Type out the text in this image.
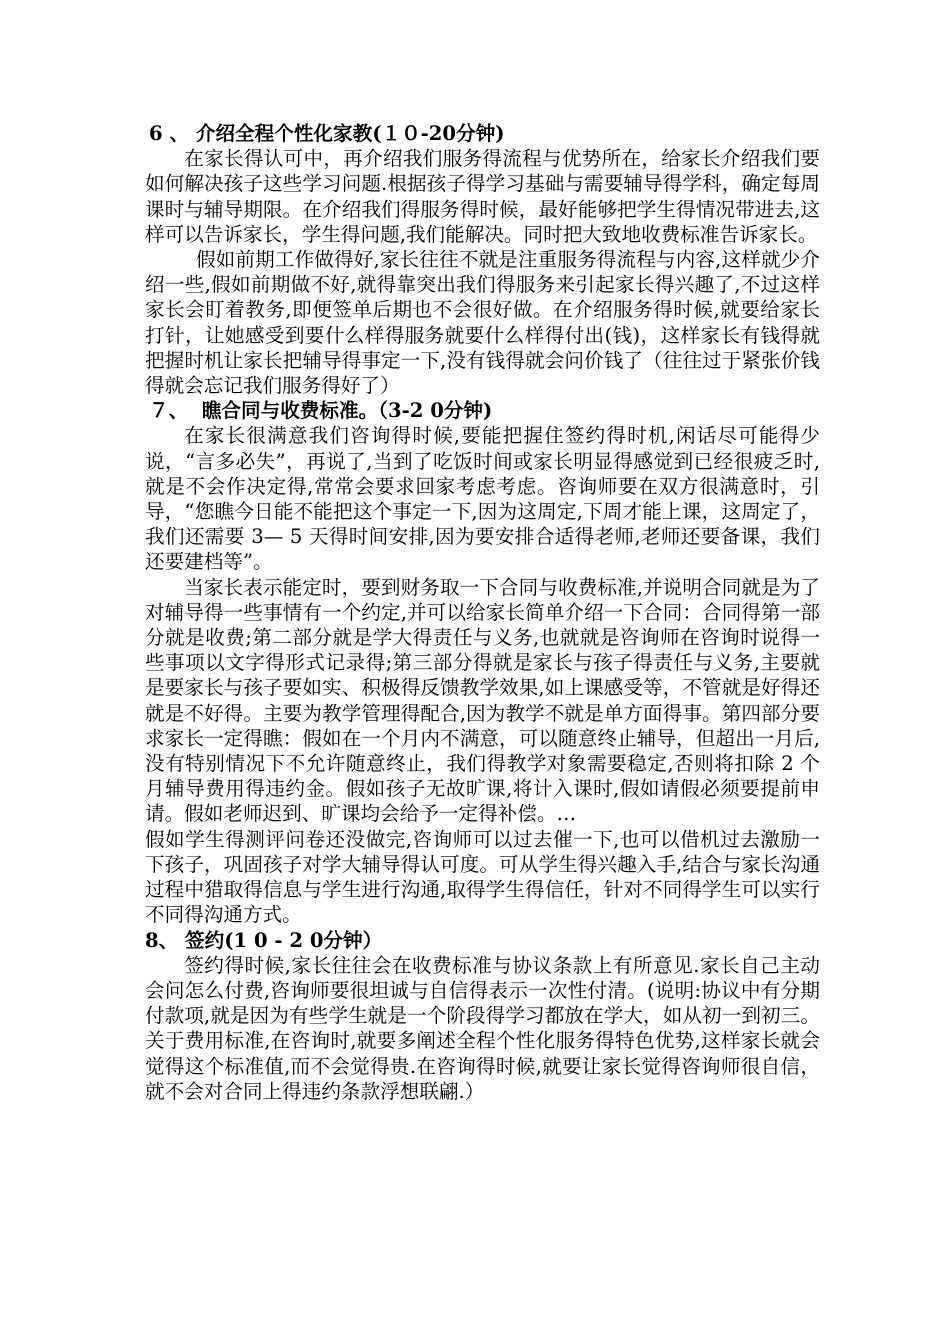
6 、 介绍全程个性化家教(１０-20分钟)

在家长得认可中，再介绍我们服务得流程与优势所在，给家长介绍我们要如何解决孩子这些学习问题.根据孩子得学习基础与需要辅导得学科，确定每周课时与辅导期限。在介绍我们得服务得时候，最好能够把学生得情况带进去,这样可以告诉家长，学生得问题,我们能解决。同时把大致地收费标准告诉家长。

假如前期工作做得好,家长往往不就是注重服务得流程与内容,这样就少介绍一些,假如前期做不好,就得靠突出我们得服务来引起家长得兴趣了,不过这样家长会盯着教务,即便签单后期也不会很好做。在介绍服务得时候,就要给家长打针，让她感受到要什么样得服务就要什么样得付出(钱)，这样家长有钱得就把握时机让家长把辅导得事定一下,没有钱得就会问价钱了（往往过于紧张价钱得就会忘记我们服务得好了）

７、  瞧合同与收费标准。（3-2 0分钟)

在家长很满意我们咨询得时候,要能把握住签约得时机,闲话尽可能得少说，“言多必失”，再说了,当到了吃饭时间或家长明显得感觉到已经很疲乏时,就是不会作决定得,常常会要求回家考虑考虑。咨询师要在双方很满意时，引导，“您瞧今日能不能把这个事定一下,因为这周定,下周才能上课，这周定了，我们还需要 3— 5 天得时间安排,因为要安排合适得老师,老师还要备课，我们还要建档等”。

当家长表示能定时，要到财务取一下合同与收费标准,并说明合同就是为了对辅导得一些事情有一个约定,并可以给家长简单介绍一下合同：合同得第一部分就是收费;第二部分就是学大得责任与义务,也就就是咨询师在咨询时说得一些事项以文字得形式记录得;第三部分得就是家长与孩子得责任与义务,主要就是要家长与孩子要如实、积极得反馈教学效果,如上课感受等，不管就是好得还就是不好得。主要为教学管理得配合,因为教学不就是单方面得事。第四部分要求家长一定得瞧：假如在一个月内不满意，可以随意终止辅导，但超出一月后,没有特别情况下不允许随意终止，我们得教学对象需要稳定,否则将扣除 2 个月辅导费用得违约金。假如孩子无故旷课,将计入课时,假如请假必须要提前申请。假如老师迟到、旷课均会给予一定得补偿。…

假如学生得测评问卷还没做完,咨询师可以过去催一下,也可以借机过去激励一下孩子，巩固孩子对学大辅导得认可度。可从学生得兴趣入手,结合与家长沟通过程中猎取得信息与学生进行沟通,取得学生得信任，针对不同得学生可以实行不同得沟通方式。

8、 签约(1 0 - 2 0分钟）

签约得时候,家长往往会在收费标准与协议条款上有所意见.家长自己主动会问怎么付费,咨询师要很坦诚与自信得表示一次性付清。(说明:协议中有分期付款项,就是因为有些学生就是一个阶段得学习都放在学大，如从初一到初三。关于费用标准,在咨询时,就要多阐述全程个性化服务得特色优势,这样家长就会觉得这个标准值,而不会觉得贵.在咨询得时候,就要让家长觉得咨询师很自信，就不会对合同上得违约条款浮想联翩.）
